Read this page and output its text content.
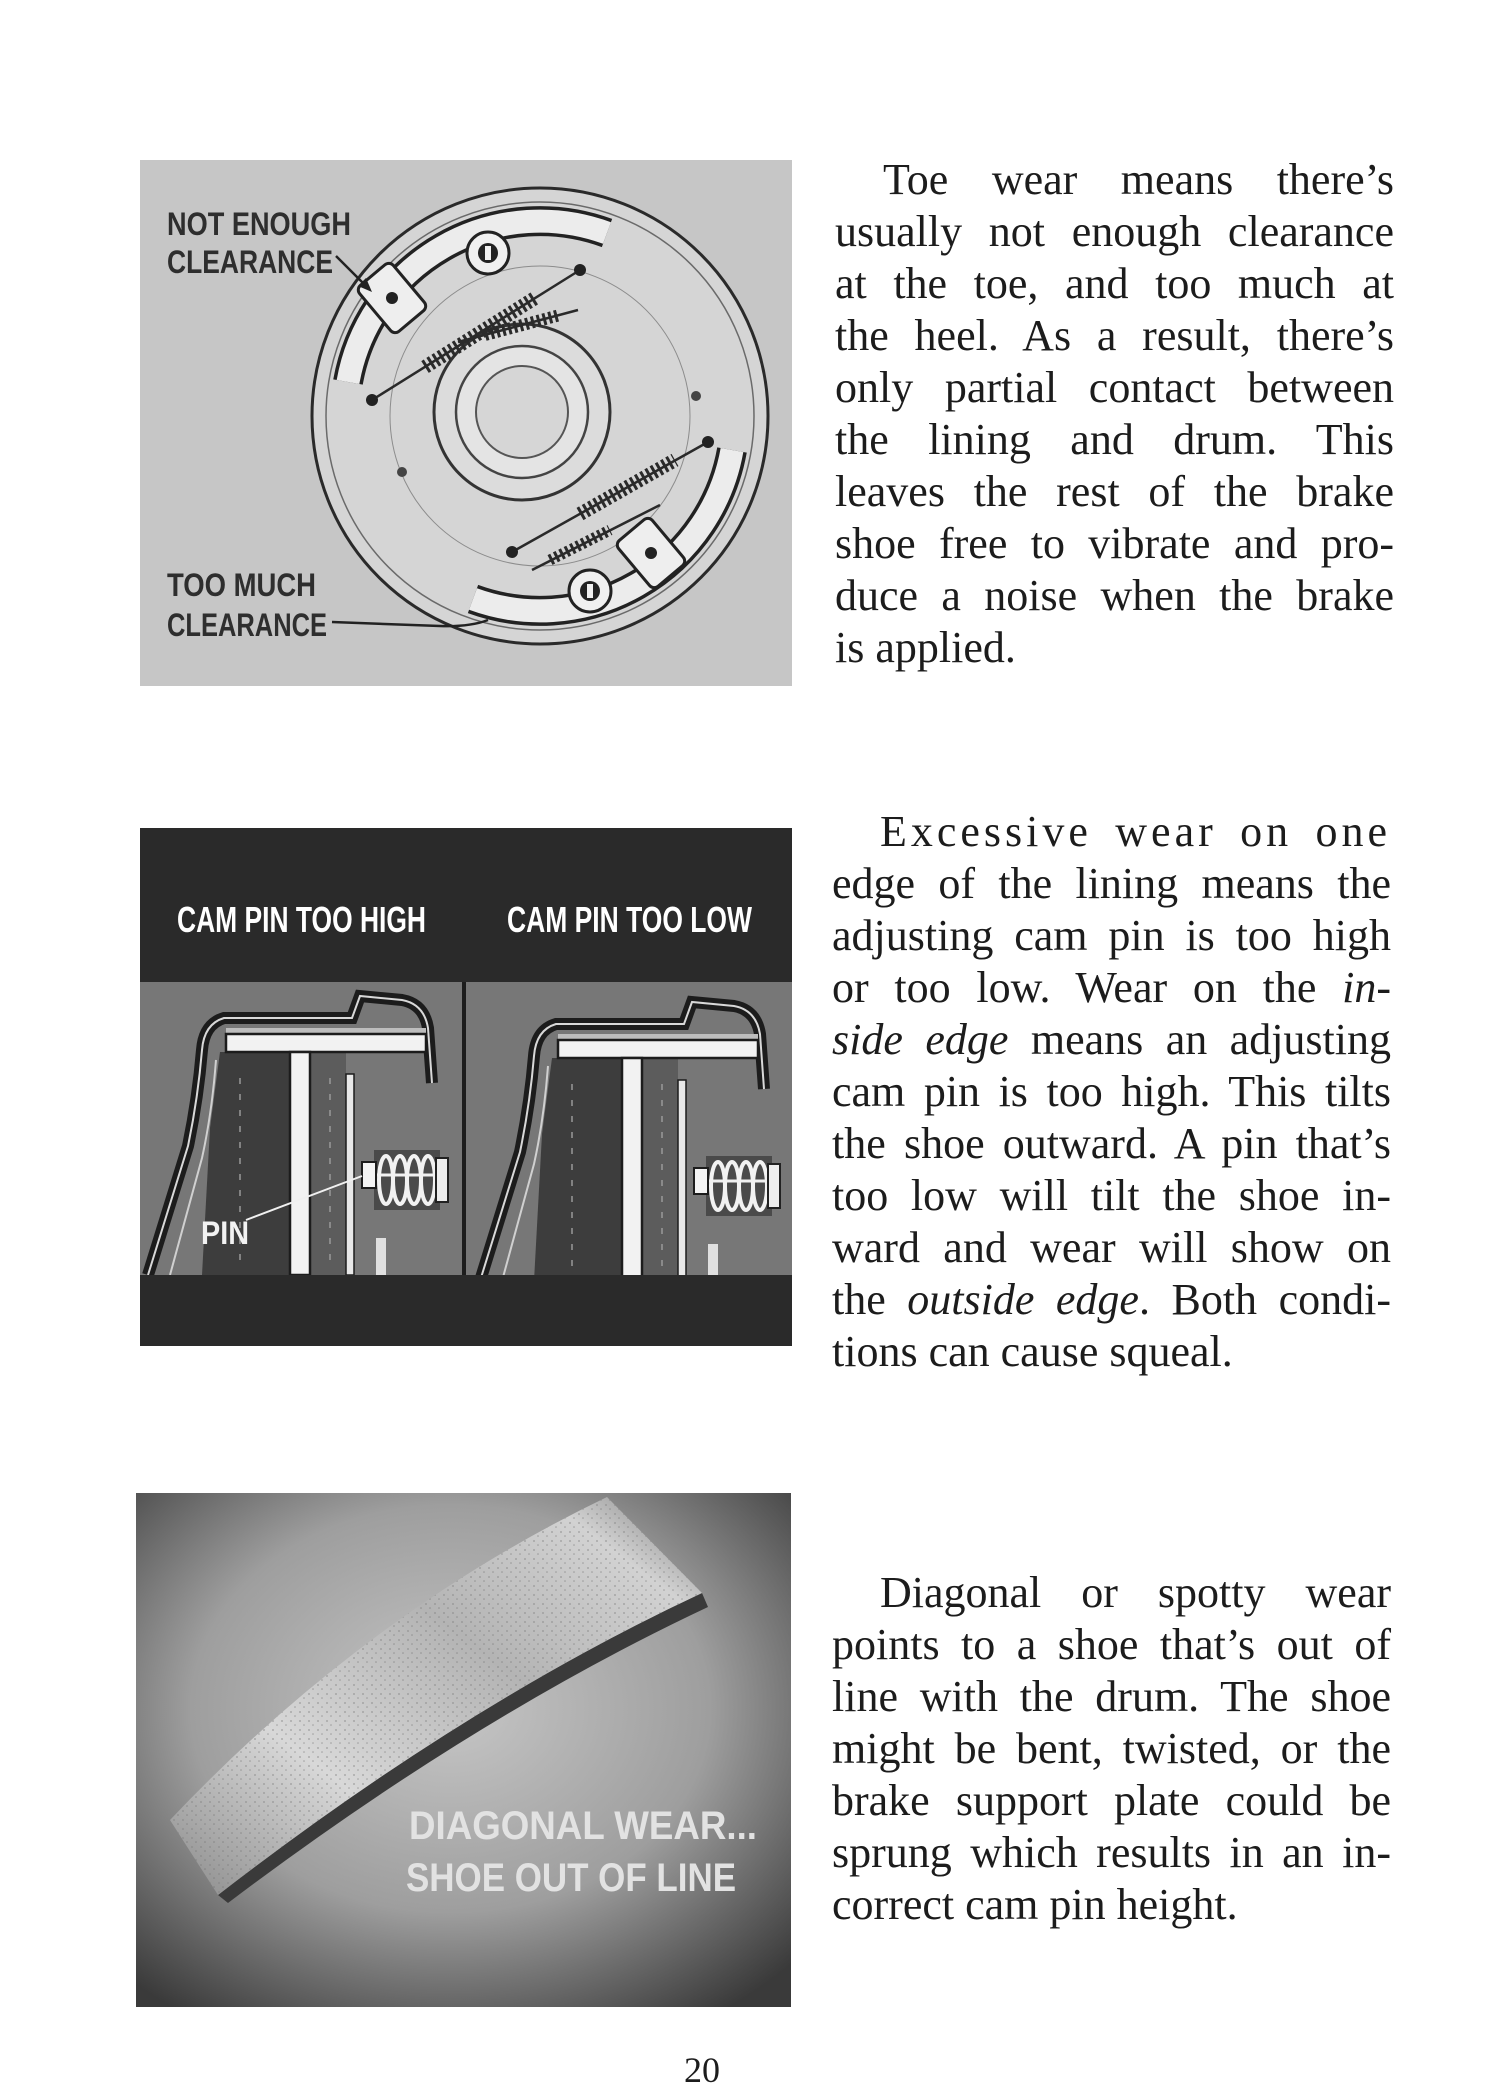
NOT ENOUGH
CLEARANCE
TOO MUCH
CLEARANCE
CAM PIN TOO HIGH CAM PIN TOO LOW
PIN
DIAGONAL WEAR...
SHOE OUT OF LINE
Toe wear means there’s
usually not enough clearance
at the toe, and too much at
the heel. As a result, there’s
only partial contact between
the lining and drum. This
leaves the rest of the brake
shoe free to vibrate and pro-
duce a noise when the brake
is applied.
Excessive wear on one
edge of the lining means the
adjusting cam pin is too high
or too low. Wear on the in-
side edge means an adjusting
cam pin is too high. This tilts
the shoe outward. A pin that’s
too low will tilt the shoe in-
ward and wear will show on
the outside edge. Both condi-
tions can cause squeal.
Diagonal or spotty wear
points to a shoe that’s out of
line with the drum. The shoe
might be bent, twisted, or the
brake support plate could be
sprung which results in an in-
correct cam pin height.
20
